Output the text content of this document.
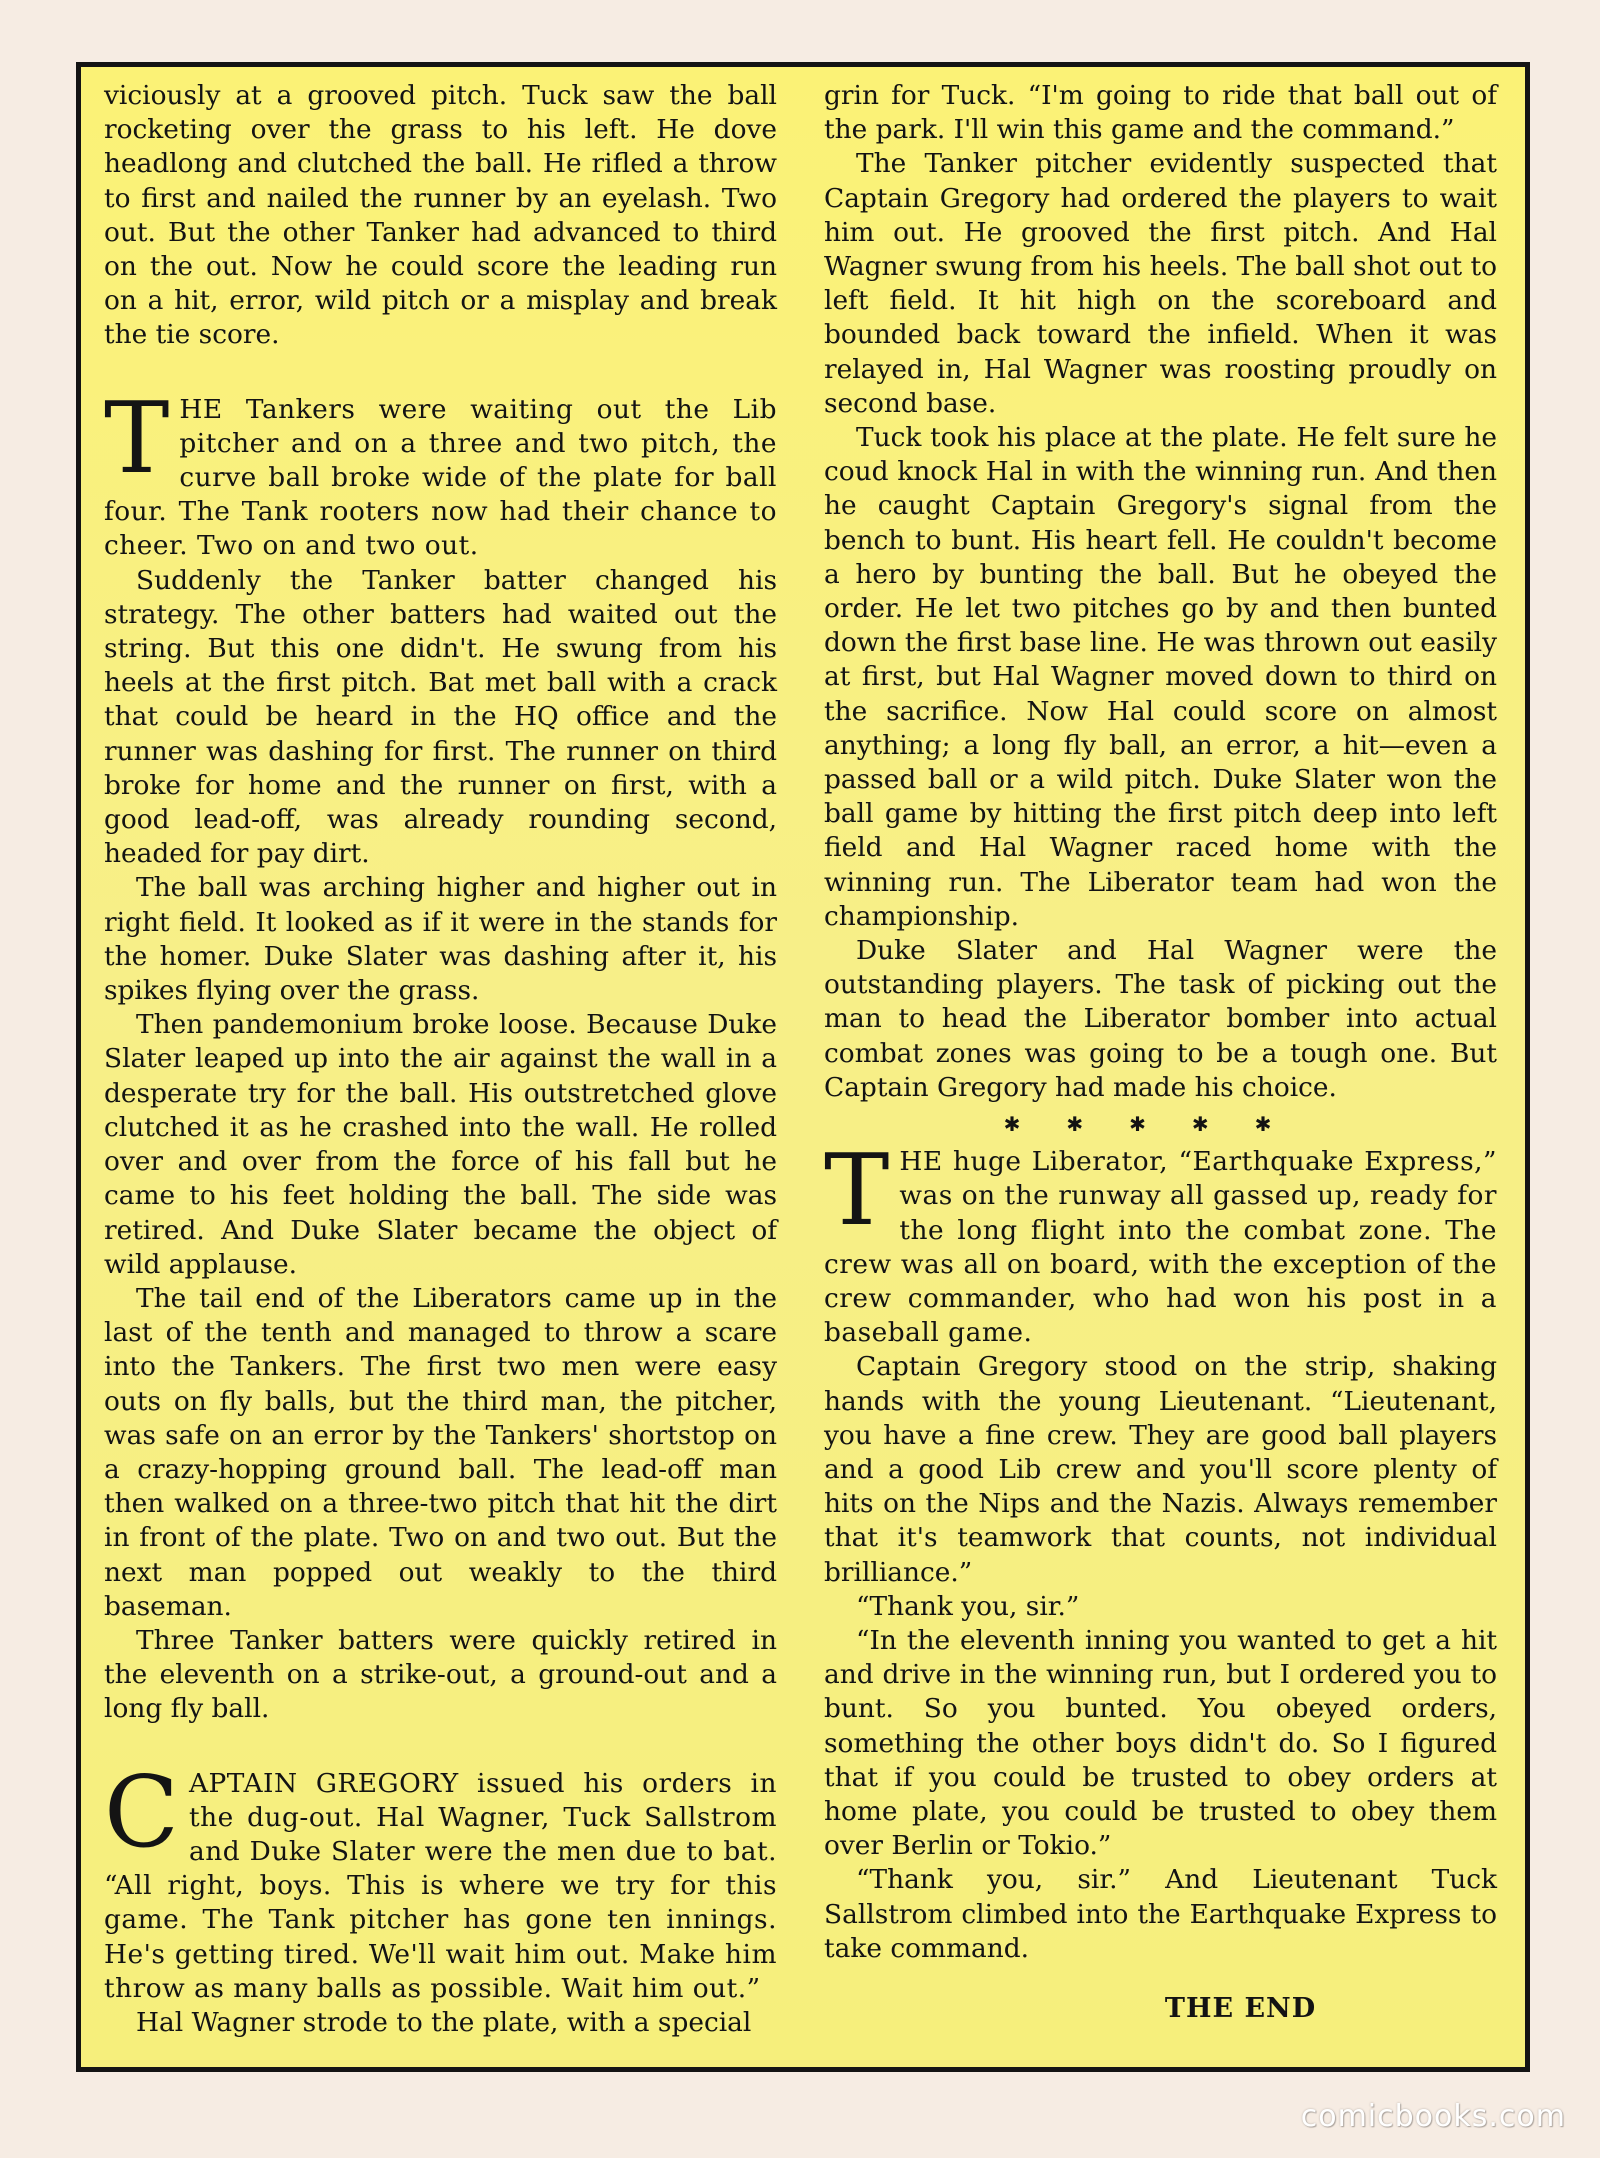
viciously at a grooved pitch. Tuck saw the ball rocketing over the grass to his left. He dove headlong and clutched the ball. He rifled a throw to first and nailed the runner by an eyelash. Two out. But the other Tanker had advanced to third on the out. Now he could score the leading run on a hit, error, wild pitch or a misplay and break the tie score.

THE Tankers were waiting out the Lib pitcher and on a three and two pitch, the curve ball broke wide of the plate for ball four. The Tank rooters now had their chance to cheer. Two on and two out.

Suddenly the Tanker batter changed his strategy. The other batters had waited out the string. But this one didn't. He swung from his heels at the first pitch. Bat met ball with a crack that could be heard in the HQ office and the runner was dashing for first. The runner on third broke for home and the runner on first, with a good lead-off, was already rounding second, headed for pay dirt.

The ball was arching higher and higher out in right field. It looked as if it were in the stands for the homer. Duke Slater was dashing after it, his spikes flying over the grass.

Then pandemonium broke loose. Because Duke Slater leaped up into the air against the wall in a desperate try for the ball. His outstretched glove clutched it as he crashed into the wall. He rolled over and over from the force of his fall but he came to his feet holding the ball. The side was retired. And Duke Slater became the object of wild applause.

The tail end of the Liberators came up in the last of the tenth and managed to throw a scare into the Tankers. The first two men were easy outs on fly balls, but the third man, the pitcher, was safe on an error by the Tankers' shortstop on a crazy-hopping ground ball. The lead-off man then walked on a three-two pitch that hit the dirt in front of the plate. Two on and two out. But the next man popped out weakly to the third baseman.

Three Tanker batters were quickly retired in the eleventh on a strike-out, a ground-out and a long fly ball.

CAPTAIN GREGORY issued his orders in the dug-out. Hal Wagner, Tuck Sallstrom and Duke Slater were the men due to bat. “All right, boys. This is where we try for this game. The Tank pitcher has gone ten innings. He's getting tired. We'll wait him out. Make him throw as many balls as possible. Wait him out.”

Hal Wagner strode to the plate, with a special

grin for Tuck. “I'm going to ride that ball out of the park. I'll win this game and the command.”

The Tanker pitcher evidently suspected that Captain Gregory had ordered the players to wait him out. He grooved the first pitch. And Hal Wagner swung from his heels. The ball shot out to left field. It hit high on the scoreboard and bounded back toward the infield. When it was relayed in, Hal Wagner was roosting proudly on second base.

Tuck took his place at the plate. He felt sure he coud knock Hal in with the winning run. And then he caught Captain Gregory's signal from the bench to bunt. His heart fell. He couldn't become a hero by bunting the ball. But he obeyed the order. He let two pitches go by and then bunted down the first base line. He was thrown out easily at first, but Hal Wagner moved down to third on the sacrifice. Now Hal could score on almost anything; a long fly ball, an error, a hit—even a passed ball or a wild pitch. Duke Slater won the ball game by hitting the first pitch deep into left field and Hal Wagner raced home with the winning run. The Liberator team had won the championship.

Duke Slater and Hal Wagner were the outstanding players. The task of picking out the man to head the Liberator bomber into actual combat zones was going to be a tough one. But Captain Gregory had made his choice.

✱✱✱✱✱

THE huge Liberator, “Earthquake Express,” was on the runway all gassed up, ready for the long flight into the combat zone. The crew was all on board, with the exception of the crew commander, who had won his post in a baseball game.

Captain Gregory stood on the strip, shaking hands with the young Lieutenant. “Lieutenant, you have a fine crew. They are good ball players and a good Lib crew and you'll score plenty of hits on the Nips and the Nazis. Always remember that it's teamwork that counts, not individual brilliance.”

“Thank you, sir.”

“In the eleventh inning you wanted to get a hit and drive in the winning run, but I ordered you to bunt. So you bunted. You obeyed orders, something the other boys didn't do. So I figured that if you could be trusted to obey orders at home plate, you could be trusted to obey them over Berlin or Tokio.”

“Thank you, sir.” And Lieutenant Tuck Sallstrom climbed into the Earthquake Express to take command.

THE END
comicbooks.com
